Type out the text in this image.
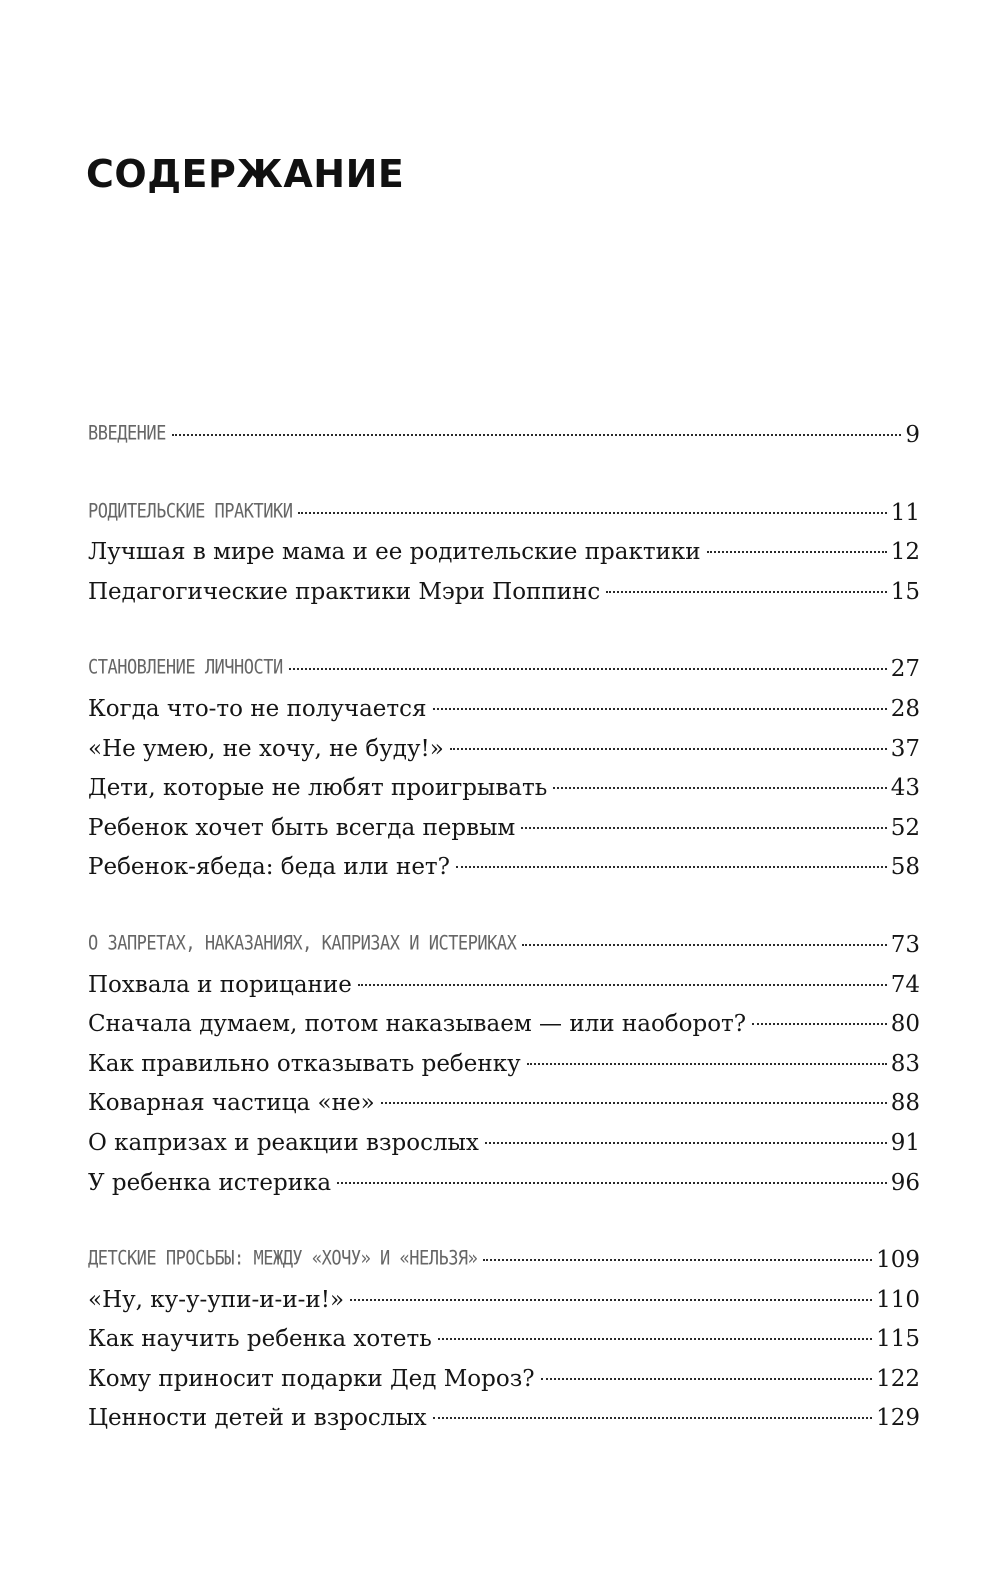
СОДЕРЖАНИЕ
ВВЕДЕНИЕ	9
РОДИТЕЛЬСКИЕ ПРАКТИКИ	11
Лучшая в мире мама и ее родительские практики	12
Педагогические практики Мэри Поппинс	15
СТАНОВЛЕНИЕ ЛИЧНОСТИ	27
Когда что-то не получается	28
«Не умею, не хочу, не буду!»	37
Дети, которые не любят проигрывать	43
Ребенок хочет быть всегда первым	52
Ребенок-ябеда: беда или нет?	58
О ЗАПРЕТАХ, НАКАЗАНИЯХ, КАПРИЗАХ И ИСТЕРИКАХ	73
Похвала и порицание	74
Сначала думаем, потом наказываем — или наоборот?	80
Как правильно отказывать ребенку	83
Коварная частица «не»	88
О капризах и реакции взрослых	91
У ребенка истерика	96
ДЕТСКИЕ ПРОСЬБЫ: МЕЖДУ «ХОЧУ» И «НЕЛЬЗЯ»	109
«Ну, ку-у-упи-и-и-и!»	110
Как научить ребенка хотеть	115
Кому приносит подарки Дед Мороз?	122
Ценности детей и взрослых	129
